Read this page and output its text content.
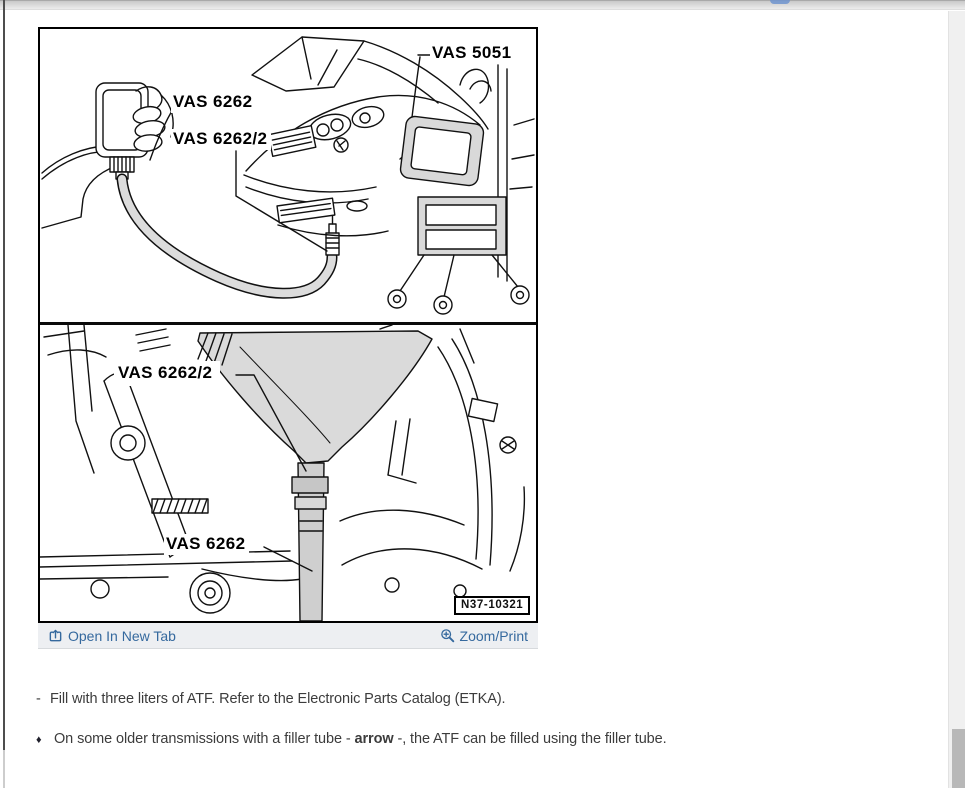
VAS 5051
VAS 6262
VAS 6262/2
VAS 6262/2
VAS 6262
N37-10321
Open In New Tab	Zoom/Print
- Fill with three liters of ATF. Refer to the Electronic Parts Catalog (ETKA).
♦ On some older transmissions with a filler tube - arrow -, the ATF can be filled using the filler tube.
